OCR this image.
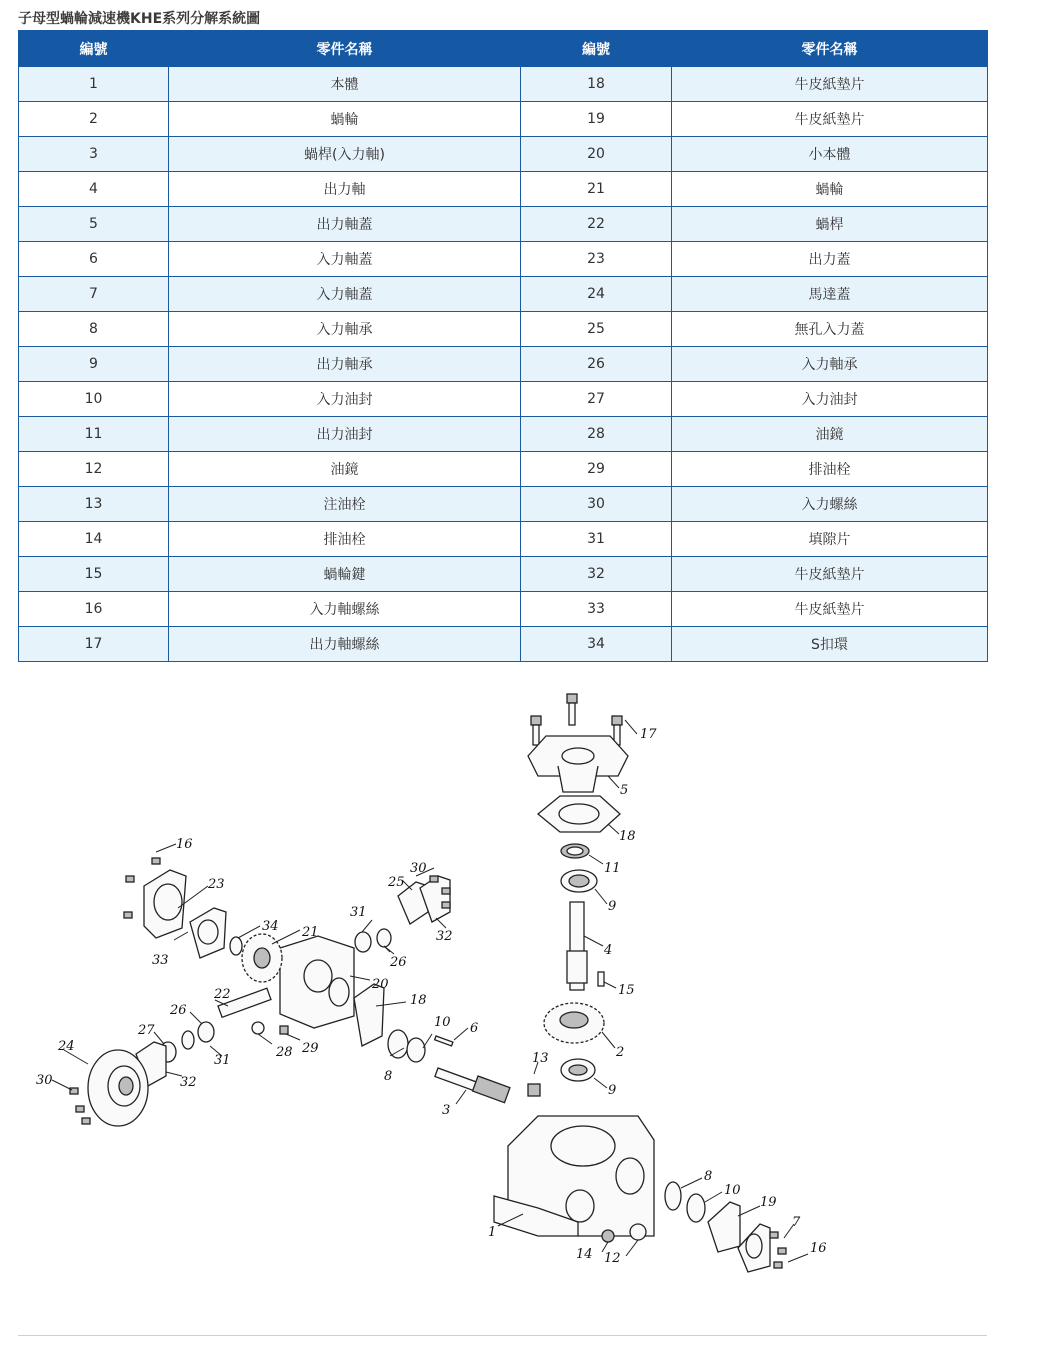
子母型蝸輪減速機KHE系列分解系統圖
編號	零件名稱	編號	零件名稱
1	本體	18	牛皮紙墊片
2	蝸輪	19	牛皮紙墊片
3	蝸桿(入力軸)	20	小本體
4	出力軸	21	蝸輪
5	出力軸蓋	22	蝸桿
6	入力軸蓋	23	出力蓋
7	入力軸蓋	24	馬達蓋
8	入力軸承	25	無孔入力蓋
9	出力軸承	26	入力軸承
10	入力油封	27	入力油封
11	出力油封	28	油鏡
12	油鏡	29	排油栓
13	注油栓	30	入力螺絲
14	排油栓	31	填隙片
15	蝸輪鍵	32	牛皮紙墊片
16	入力軸螺絲	33	牛皮紙墊片
17	出力軸螺絲	34	S扣環
17
5
18
11
9
4
15
2
9
13
16
23
34 21
33
31
26
30
25
32
22
20
18
10 6
8
3
28 29
26
31
27
32
24
30
8
10
19
7
16
14 12
1
